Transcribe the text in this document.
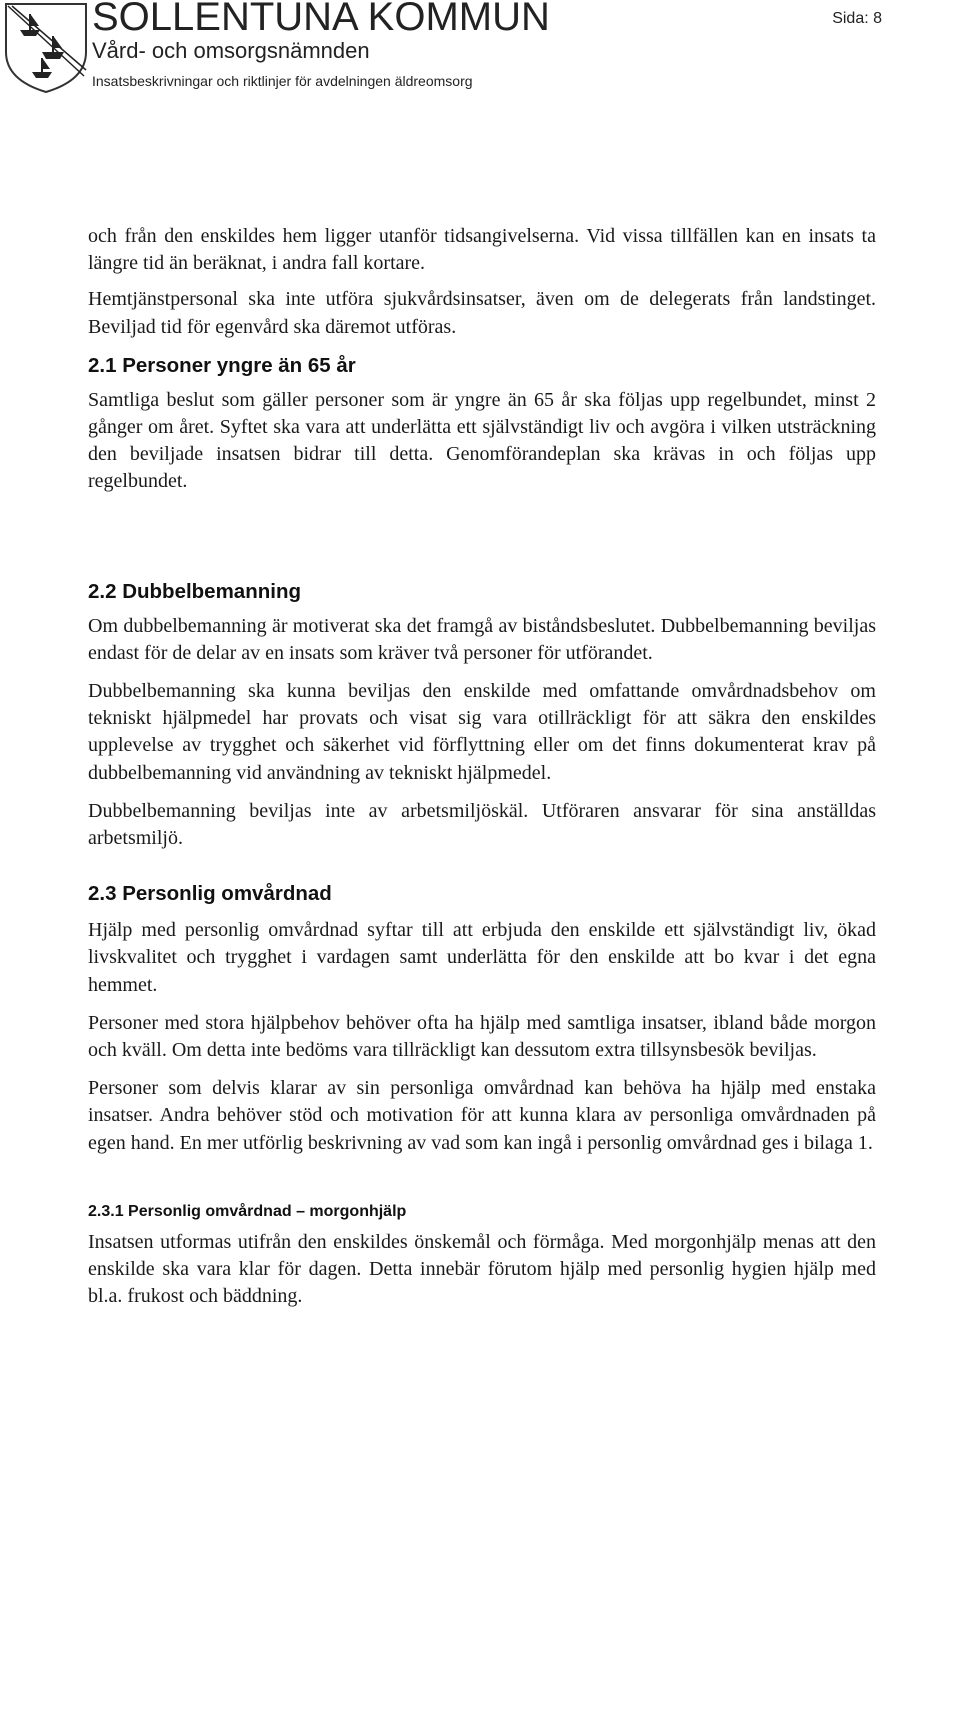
SOLLENTUNA KOMMUN
Vård- och omsorgsnämnden
Insatsbeskrivningar och riktlinjer för avdelningen äldreomsorg
Sida: 8

och från den enskildes hem ligger utanför tidsangivelserna. Vid vissa tillfällen kan en insats ta längre tid än beräknat, i andra fall kortare.

Hemtjänstpersonal ska inte utföra sjukvårdsinsatser, även om de delegerats från landstinget. Beviljad tid för egenvård ska däremot utföras.

2.1 Personer yngre än 65 år

Samtliga beslut som gäller personer som är yngre än 65 år ska följas upp regelbundet, minst 2 gånger om året. Syftet ska vara att underlätta ett självständigt liv och avgöra i vilken utsträckning den beviljade insatsen bidrar till detta. Genomförandeplan ska krävas in och följas upp regelbundet.

2.2 Dubbelbemanning

Om dubbelbemanning är motiverat ska det framgå av biståndsbeslutet. Dubbelbemanning beviljas endast för de delar av en insats som kräver två personer för utförandet.

Dubbelbemanning ska kunna beviljas den enskilde med omfattande omvårdnadsbehov om tekniskt hjälpmedel har provats och visat sig vara otillräckligt för att säkra den enskildes upplevelse av trygghet och säkerhet vid förflyttning eller om det finns dokumenterat krav på dubbelbemanning vid användning av tekniskt hjälpmedel.

Dubbelbemanning beviljas inte av arbetsmiljöskäl. Utföraren ansvarar för sina anställdas arbetsmiljö.

2.3 Personlig omvårdnad

Hjälp med personlig omvårdnad syftar till att erbjuda den enskilde ett självständigt liv, ökad livskvalitet och trygghet i vardagen samt underlätta för den enskilde att bo kvar i det egna hemmet.

Personer med stora hjälpbehov behöver ofta ha hjälp med samtliga insatser, ibland både morgon och kväll. Om detta inte bedöms vara tillräckligt kan dessutom extra tillsynsbesök beviljas.

Personer som delvis klarar av sin personliga omvårdnad kan behöva ha hjälp med enstaka insatser. Andra behöver stöd och motivation för att kunna klara av personliga omvårdnaden på egen hand. En mer utförlig beskrivning av vad som kan ingå i personlig omvårdnad ges i bilaga 1.

2.3.1 Personlig omvårdnad – morgonhjälp

Insatsen utformas utifrån den enskildes önskemål och förmåga. Med morgonhjälp menas att den enskilde ska vara klar för dagen. Detta innebär förutom hjälp med personlig hygien hjälp med bl.a. frukost och bäddning.
